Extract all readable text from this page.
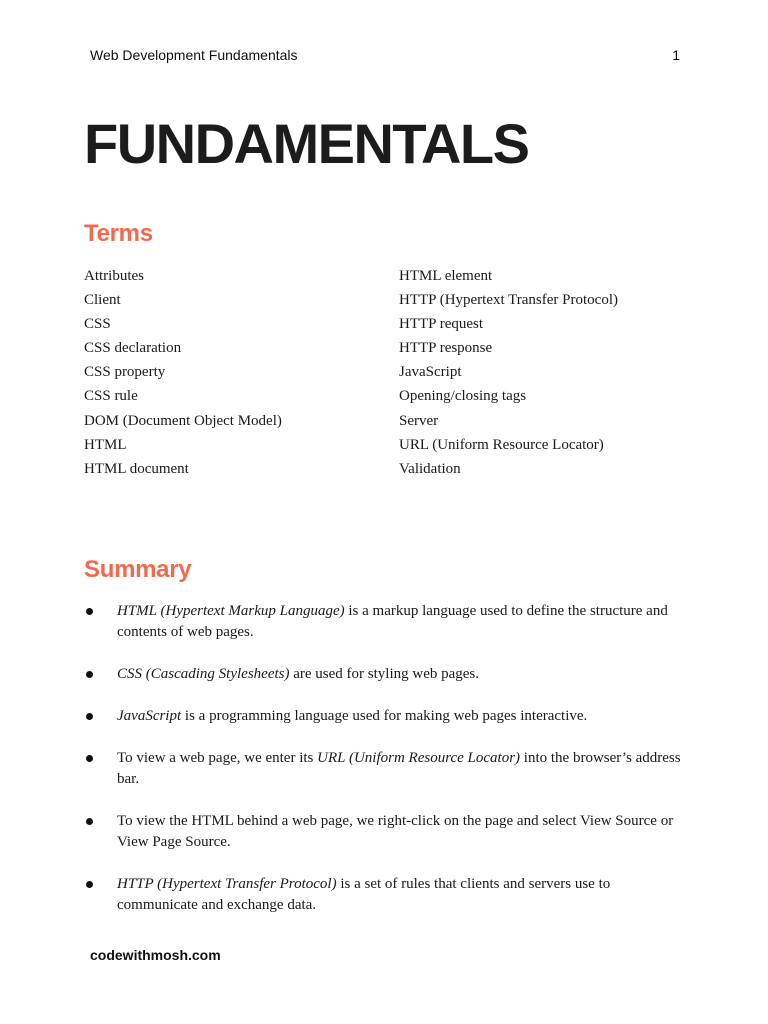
Web Development Fundamentals	1
FUNDAMENTALS
Terms
Attributes
Client
CSS
CSS declaration
CSS property
CSS rule
DOM (Document Object Model)
HTML
HTML document
HTML element
HTTP (Hypertext Transfer Protocol)
HTTP request
HTTP response
JavaScript
Opening/closing tags
Server
URL (Uniform Resource Locator)
Validation
Summary
HTML (Hypertext Markup Language) is a markup language used to define the structure and contents of web pages.
CSS (Cascading Stylesheets) are used for styling web pages.
JavaScript is a programming language used for making web pages interactive.
To view a web page, we enter its URL (Uniform Resource Locator) into the browser’s address bar.
To view the HTML behind a web page, we right-click on the page and select View Source or View Page Source.
HTTP (Hypertext Transfer Protocol) is a set of rules that clients and servers use to communicate and exchange data.
codewithmosh.com
